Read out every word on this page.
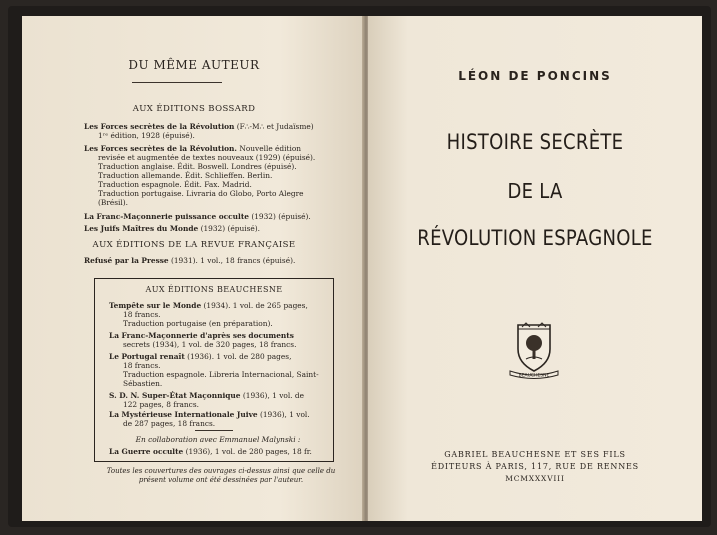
DU MÊME AUTEUR
AUX ÉDITIONS BOSSARD
Les Forces secrètes de la Révolution (F∴-M∴ et Judaïsme)
1ʳᵉ édition, 1928 (épuisé).
Les Forces secrètes de la Révolution. Nouvelle édition
revisée et augmentée de textes nouveaux (1929) (épuisé).
Traduction anglaise. Édit. Boswell. Londres (épuisé).
Traduction allemande. Édit. Schlieffen. Berlin.
Traduction espagnole. Édit. Fax. Madrid.
Traduction portugaise. Livraria do Globo, Porto Alegre
(Brésil).
La Franc-Maçonnerie puissance occulte (1932) (épuisé).
Les Juifs Maîtres du Monde (1932) (épuisé).
AUX ÉDITIONS DE LA REVUE FRANÇAISE
Refusé par la Presse (1931). 1 vol., 18 francs (épuisé).
AUX ÉDITIONS BEAUCHESNE
Tempête sur le Monde (1934). 1 vol. de 265 pages,
18 francs.
Traduction portugaise (en préparation).
La Franc-Maçonnerie d'après ses documents
secrets (1934), 1 vol. de 320 pages, 18 francs.
Le Portugal renaît (1936). 1 vol. de 280 pages,
18 francs.
Traduction espagnole. Libreria Internacional, Saint-
Sébastien.
S. D. N. Super-État Maçonnique (1936), 1 vol. de
122 pages, 8 francs.
La Mystérieuse Internationale Juive (1936), 1 vol.
de 287 pages, 18 francs.
En collaboration avec Emmanuel Malynski :
La Guerre occulte (1936), 1 vol. de 280 pages, 18 fr.
Toutes les couvertures des ouvrages ci-dessus ainsi que celle du présent volume ont été dessinées par l'auteur.
LÉON DE PONCINS
HISTOIRE SECRÈTE
DE LA
RÉVOLUTION ESPAGNOLE
BEAUCHESNE
GABRIEL BEAUCHESNE ET SES FILS
ÉDITEURS À PARIS, 117, RUE DE RENNES
MCMXXXVIII
